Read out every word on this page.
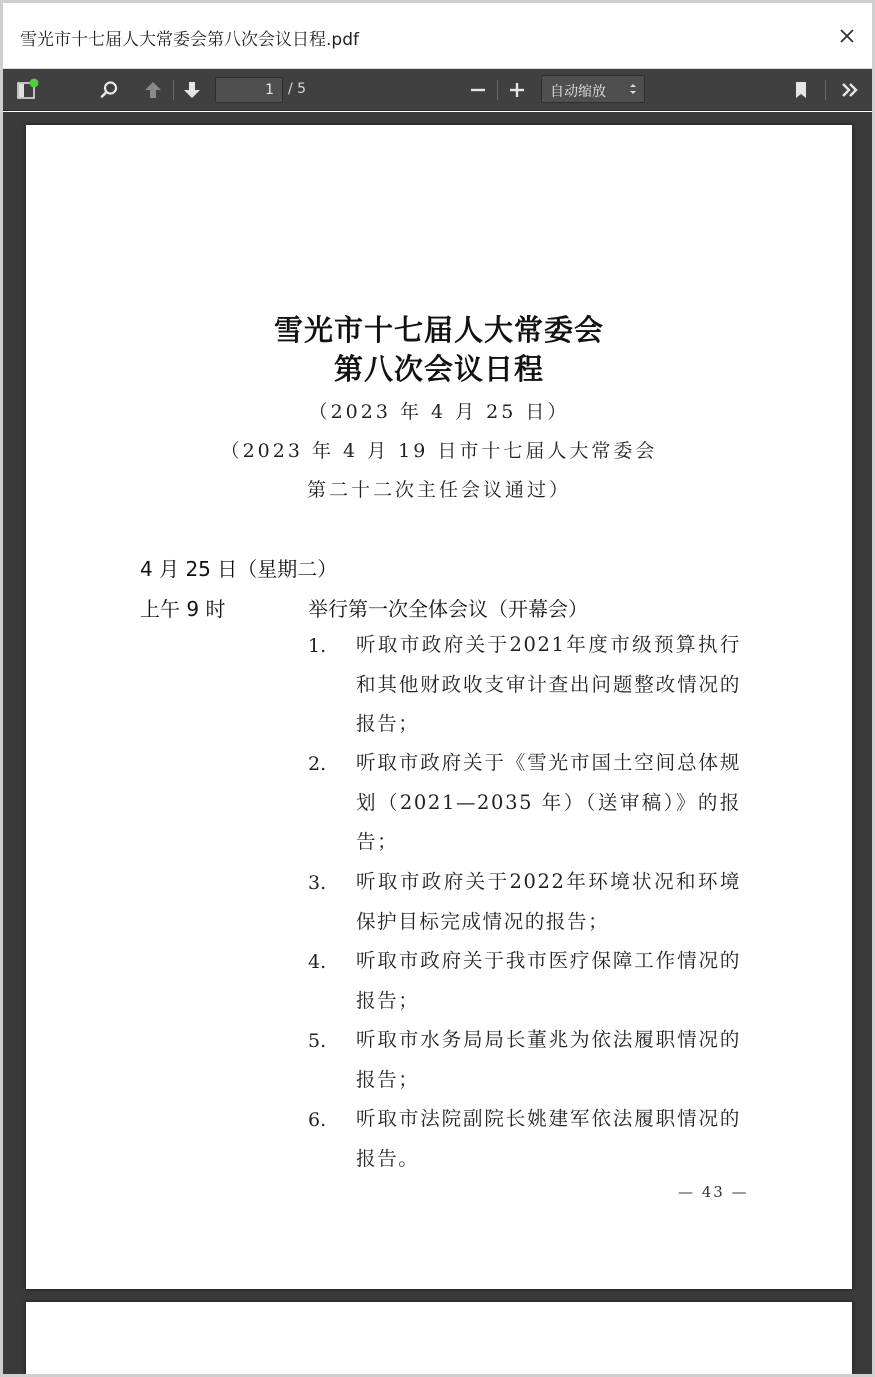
雪光市十七届人大常委会第八次会议日程.pdf
1
/ 5	自动缩放
雪光市十七届人大常委会
第八次会议日程
（2023 年 4 月 25 日）
（2023 年 4 月 19 日市十七届人大常委会
第二十二次主任会议通过）
4 月 25 日（星期二）
上午 9 时	举行第一次全体会议（开幕会）
1. 听取市政府关于2021年度市级预算执行和其他财政收支审计查出问题整改情况的报告；
2. 听取市政府关于《雪光市国土空间总体规划（2021—2035 年）（送审稿）》的报告；
3. 听取市政府关于2022年环境状况和环境保护目标完成情况的报告；
4. 听取市政府关于我市医疗保障工作情况的报告；
5. 听取市水务局局长董兆为依法履职情况的报告；
6. 听取市法院副院长姚建军依法履职情况的报告。
— 43 —
